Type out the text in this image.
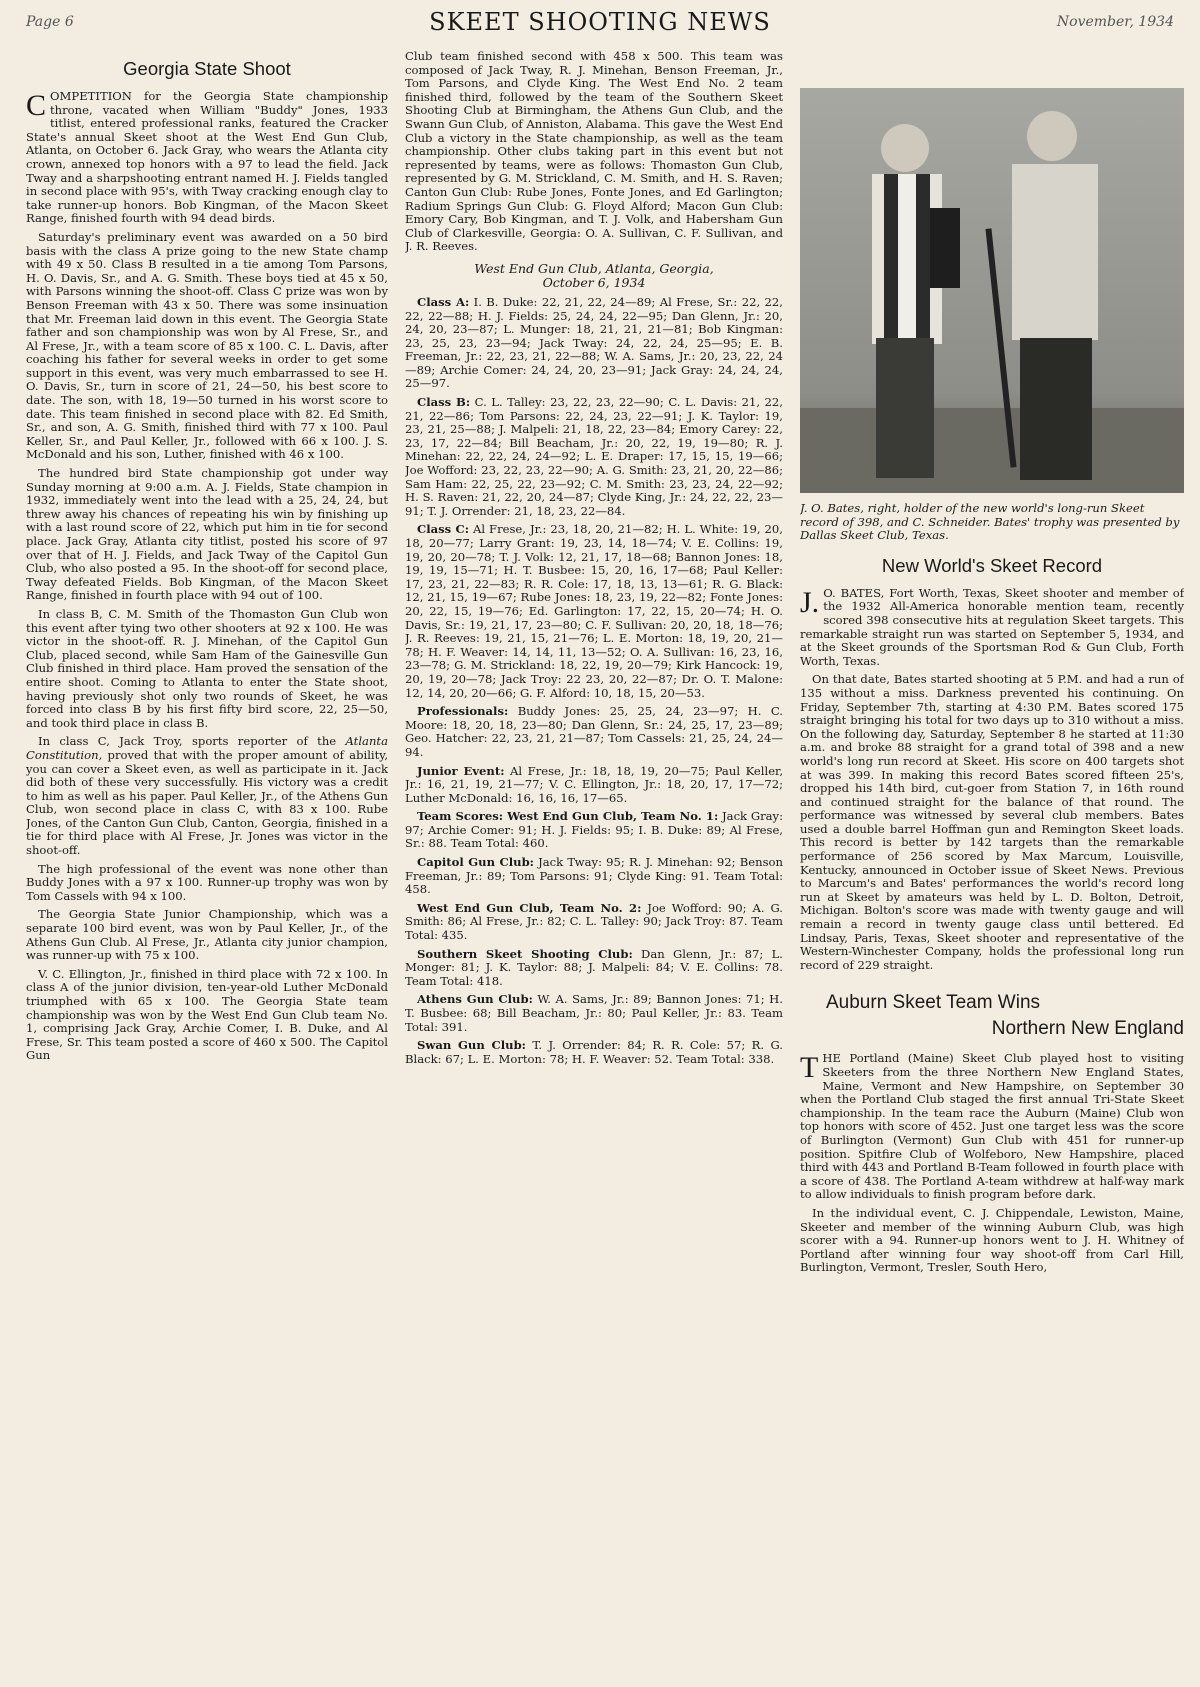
Page 6	SKEET SHOOTING NEWS	November, 1934
Georgia State Shoot

COMPETITION for the Georgia State championship throne, vacated when William "Buddy" Jones, 1933 titlist, entered professional ranks, featured the Cracker State's annual Skeet shoot at the West End Gun Club, Atlanta, on October 6. Jack Gray, who wears the Atlanta city crown, annexed top honors with a 97 to lead the field. Jack Tway and a sharpshooting entrant named H. J. Fields tangled in second place with 95's, with Tway cracking enough clay to take runner-up honors. Bob Kingman, of the Macon Skeet Range, finished fourth with 94 dead birds.

Saturday's preliminary event was awarded on a 50 bird basis with the class A prize going to the new State champ with 49 x 50. Class B resulted in a tie among Tom Parsons, H. O. Davis, Sr., and A. G. Smith. These boys tied at 45 x 50, with Parsons winning the shoot-off. Class C prize was won by Benson Freeman with 43 x 50. There was some insinuation that Mr. Freeman laid down in this event. The Georgia State father and son championship was won by Al Frese, Sr., and Al Frese, Jr., with a team score of 85 x 100. C. L. Davis, after coaching his father for several weeks in order to get some support in this event, was very much embarrassed to see H. O. Davis, Sr., turn in score of 21, 24—50, his best score to date. The son, with 18, 19—50 turned in his worst score to date. This team finished in second place with 82. Ed Smith, Sr., and son, A. G. Smith, finished third with 77 x 100. Paul Keller, Sr., and Paul Keller, Jr., followed with 66 x 100. J. S. McDonald and his son, Luther, finished with 46 x 100.

The hundred bird State championship got under way Sunday morning at 9:00 a.m. A. J. Fields, State champion in 1932, immediately went into the lead with a 25, 24, 24, but threw away his chances of repeating his win by finishing up with a last round score of 22, which put him in tie for second place. Jack Gray, Atlanta city titlist, posted his score of 97 over that of H. J. Fields, and Jack Tway of the Capitol Gun Club, who also posted a 95. In the shoot-off for second place, Tway defeated Fields. Bob Kingman, of the Macon Skeet Range, finished in fourth place with 94 out of 100.

In class B, C. M. Smith of the Thomaston Gun Club won this event after tying two other shooters at 92 x 100. He was victor in the shoot-off. R. J. Minehan, of the Capitol Gun Club, placed second, while Sam Ham of the Gainesville Gun Club finished in third place. Ham proved the sensation of the entire shoot. Coming to Atlanta to enter the State shoot, having previously shot only two rounds of Skeet, he was forced into class B by his first fifty bird score, 22, 25—50, and took third place in class B.

In class C, Jack Troy, sports reporter of the Atlanta Constitution, proved that with the proper amount of ability, you can cover a Skeet even, as well as participate in it. Jack did both of these very successfully. His victory was a credit to him as well as his paper. Paul Keller, Jr., of the Athens Gun Club, won second place in class C, with 83 x 100. Rube Jones, of the Canton Gun Club, Canton, Georgia, finished in a tie for third place with Al Frese, Jr. Jones was victor in the shoot-off.

The high professional of the event was none other than Buddy Jones with a 97 x 100. Runner-up trophy was won by Tom Cassels with 94 x 100.

The Georgia State Junior Championship, which was a separate 100 bird event, was won by Paul Keller, Jr., of the Athens Gun Club. Al Frese, Jr., Atlanta city junior champion, was runner-up with 75 x 100.

V. C. Ellington, Jr., finished in third place with 72 x 100. In class A of the junior division, ten-year-old Luther McDonald triumphed with 65 x 100. The Georgia State team championship was won by the West End Gun Club team No. 1, comprising Jack Gray, Archie Comer, I. B. Duke, and Al Frese, Sr. This team posted a score of 460 x 500. The Capitol Gun

Club team finished second with 458 x 500. This team was composed of Jack Tway, R. J. Minehan, Benson Freeman, Jr., Tom Parsons, and Clyde King. The West End No. 2 team finished third, followed by the team of the Southern Skeet Shooting Club at Birmingham, the Athens Gun Club, and the Swann Gun Club, of Anniston, Alabama. This gave the West End Club a victory in the State championship, as well as the team championship. Other clubs taking part in this event but not represented by teams, were as follows: Thomaston Gun Club, represented by G. M. Strickland, C. M. Smith, and H. S. Raven; Canton Gun Club: Rube Jones, Fonte Jones, and Ed Garlington; Radium Springs Gun Club: G. Floyd Alford; Macon Gun Club: Emory Cary, Bob Kingman, and T. J. Volk, and Habersham Gun Club of Clarkesville, Georgia: O. A. Sullivan, C. F. Sullivan, and J. R. Reeves.

West End Gun Club, Atlanta, Georgia,
October 6, 1934

Class A: I. B. Duke: 22, 21, 22, 24—89; Al Frese, Sr.: 22, 22, 22, 22—88; H. J. Fields: 25, 24, 24, 22—95; Dan Glenn, Jr.: 20, 24, 20, 23—87; L. Munger: 18, 21, 21, 21—81; Bob Kingman: 23, 25, 23, 23—94; Jack Tway: 24, 22, 24, 25—95; E. B. Freeman, Jr.: 22, 23, 21, 22—88; W. A. Sams, Jr.: 20, 23, 22, 24—89; Archie Comer: 24, 24, 20, 23—91; Jack Gray: 24, 24, 24, 25—97.

Class B: C. L. Talley: 23, 22, 23, 22—90; C. L. Davis: 21, 22, 21, 22—86; Tom Parsons: 22, 24, 23, 22—91; J. K. Taylor: 19, 23, 21, 25—88; J. Malpeli: 21, 18, 22, 23—84; Emory Carey: 22, 23, 17, 22—84; Bill Beacham, Jr.: 20, 22, 19, 19—80; R. J. Minehan: 22, 22, 24, 24—92; L. E. Draper: 17, 15, 15, 19—66; Joe Wofford: 23, 22, 23, 22—90; A. G. Smith: 23, 21, 20, 22—86; Sam Ham: 22, 25, 22, 23—92; C. M. Smith: 23, 23, 24, 22—92; H. S. Raven: 21, 22, 20, 24—87; Clyde King, Jr.: 24, 22, 22, 23—91; T. J. Orrender: 21, 18, 23, 22—84.

Class C: Al Frese, Jr.: 23, 18, 20, 21—82; H. L. White: 19, 20, 18, 20—77; Larry Grant: 19, 23, 14, 18—74; V. E. Collins: 19, 19, 20, 20—78; T. J. Volk: 12, 21, 17, 18—68; Bannon Jones: 18, 19, 19, 15—71; H. T. Busbee: 15, 20, 16, 17—68; Paul Keller: 17, 23, 21, 22—83; R. R. Cole: 17, 18, 13, 13—61; R. G. Black: 12, 21, 15, 19—67; Rube Jones: 18, 23, 19, 22—82; Fonte Jones: 20, 22, 15, 19—76; Ed. Garlington: 17, 22, 15, 20—74; H. O. Davis, Sr.: 19, 21, 17, 23—80; C. F. Sullivan: 20, 20, 18, 18—76; J. R. Reeves: 19, 21, 15, 21—76; L. E. Morton: 18, 19, 20, 21—78; H. F. Weaver: 14, 14, 11, 13—52; O. A. Sullivan: 16, 23, 16, 23—78; G. M. Strickland: 18, 22, 19, 20—79; Kirk Hancock: 19, 20, 19, 20—78; Jack Troy: 22 23, 20, 22—87; Dr. O. T. Malone: 12, 14, 20, 20—66; G. F. Alford: 10, 18, 15, 20—53.

Professionals: Buddy Jones: 25, 25, 24, 23—97; H. C. Moore: 18, 20, 18, 23—80; Dan Glenn, Sr.: 24, 25, 17, 23—89; Geo. Hatcher: 22, 23, 21, 21—87; Tom Cassels: 21, 25, 24, 24—94.

Junior Event: Al Frese, Jr.: 18, 18, 19, 20—75; Paul Keller, Jr.: 16, 21, 19, 21—77; V. C. Ellington, Jr.: 18, 20, 17, 17—72; Luther McDonald: 16, 16, 16, 17—65.

Team Scores: West End Gun Club, Team No. 1: Jack Gray: 97; Archie Comer: 91; H. J. Fields: 95; I. B. Duke: 89; Al Frese, Sr.: 88. Team Total: 460.

Capitol Gun Club: Jack Tway: 95; R. J. Minehan: 92; Benson Freeman, Jr.: 89; Tom Parsons: 91; Clyde King: 91. Team Total: 458.

West End Gun Club, Team No. 2: Joe Wofford: 90; A. G. Smith: 86; Al Frese, Jr.: 82; C. L. Talley: 90; Jack Troy: 87. Team Total: 435.

Southern Skeet Shooting Club: Dan Glenn, Jr.: 87; L. Monger: 81; J. K. Taylor: 88; J. Malpeli: 84; V. E. Collins: 78. Team Total: 418.

Athens Gun Club: W. A. Sams, Jr.: 89; Bannon Jones: 71; H. T. Busbee: 68; Bill Beacham, Jr.: 80; Paul Keller, Jr.: 83. Team Total: 391.

Swan Gun Club: T. J. Orrender: 84; R. R. Cole: 57; R. G. Black: 67; L. E. Morton: 78; H. F. Weaver: 52. Team Total: 338.

J. O. Bates, right, holder of the new world's long-run Skeet record of 398, and C. Schneider. Bates' trophy was presented by Dallas Skeet Club, Texas.
New World's Skeet Record

J. O. BATES, Fort Worth, Texas, Skeet shooter and member of the 1932 All-America honorable mention team, recently scored 398 consecutive hits at regulation Skeet targets. This remarkable straight run was started on September 5, 1934, and at the Skeet grounds of the Sportsman Rod & Gun Club, Forth Worth, Texas.

On that date, Bates started shooting at 5 P.M. and had a run of 135 without a miss. Darkness prevented his continuing. On Friday, September 7th, starting at 4:30 P.M. Bates scored 175 straight bringing his total for two days up to 310 without a miss. On the following day, Saturday, September 8 he started at 11:30 a.m. and broke 88 straight for a grand total of 398 and a new world's long run record at Skeet. His score on 400 targets shot at was 399. In making this record Bates scored fifteen 25's, dropped his 14th bird, cut-goer from Station 7, in 16th round and continued straight for the balance of that round. The performance was witnessed by several club members. Bates used a double barrel Hoffman gun and Remington Skeet loads. This record is better by 142 targets than the remarkable performance of 256 scored by Max Marcum, Louisville, Kentucky, announced in October issue of Skeet News. Previous to Marcum's and Bates' performances the world's record long run at Skeet by amateurs was held by L. D. Bolton, Detroit, Michigan. Bolton's score was made with twenty gauge and will remain a record in twenty gauge class until bettered. Ed Lindsay, Paris, Texas, Skeet shooter and representative of the Western-Winchester Company, holds the professional long run record of 229 straight.

Auburn Skeet Team Wins
Northern New England

THE Portland (Maine) Skeet Club played host to visiting Skeeters from the three Northern New England States, Maine, Vermont and New Hampshire, on September 30 when the Portland Club staged the first annual Tri-State Skeet championship. In the team race the Auburn (Maine) Club won top honors with score of 452. Just one target less was the score of Burlington (Vermont) Gun Club with 451 for runner-up position. Spitfire Club of Wolfeboro, New Hampshire, placed third with 443 and Portland B-Team followed in fourth place with a score of 438. The Portland A-team withdrew at half-way mark to allow individuals to finish program before dark.

In the individual event, C. J. Chippendale, Lewiston, Maine, Skeeter and member of the winning Auburn Club, was high scorer with a 94. Runner-up honors went to J. H. Whitney of Portland after winning four way shoot-off from Carl Hill, Burlington, Vermont, Tresler, South Hero,
